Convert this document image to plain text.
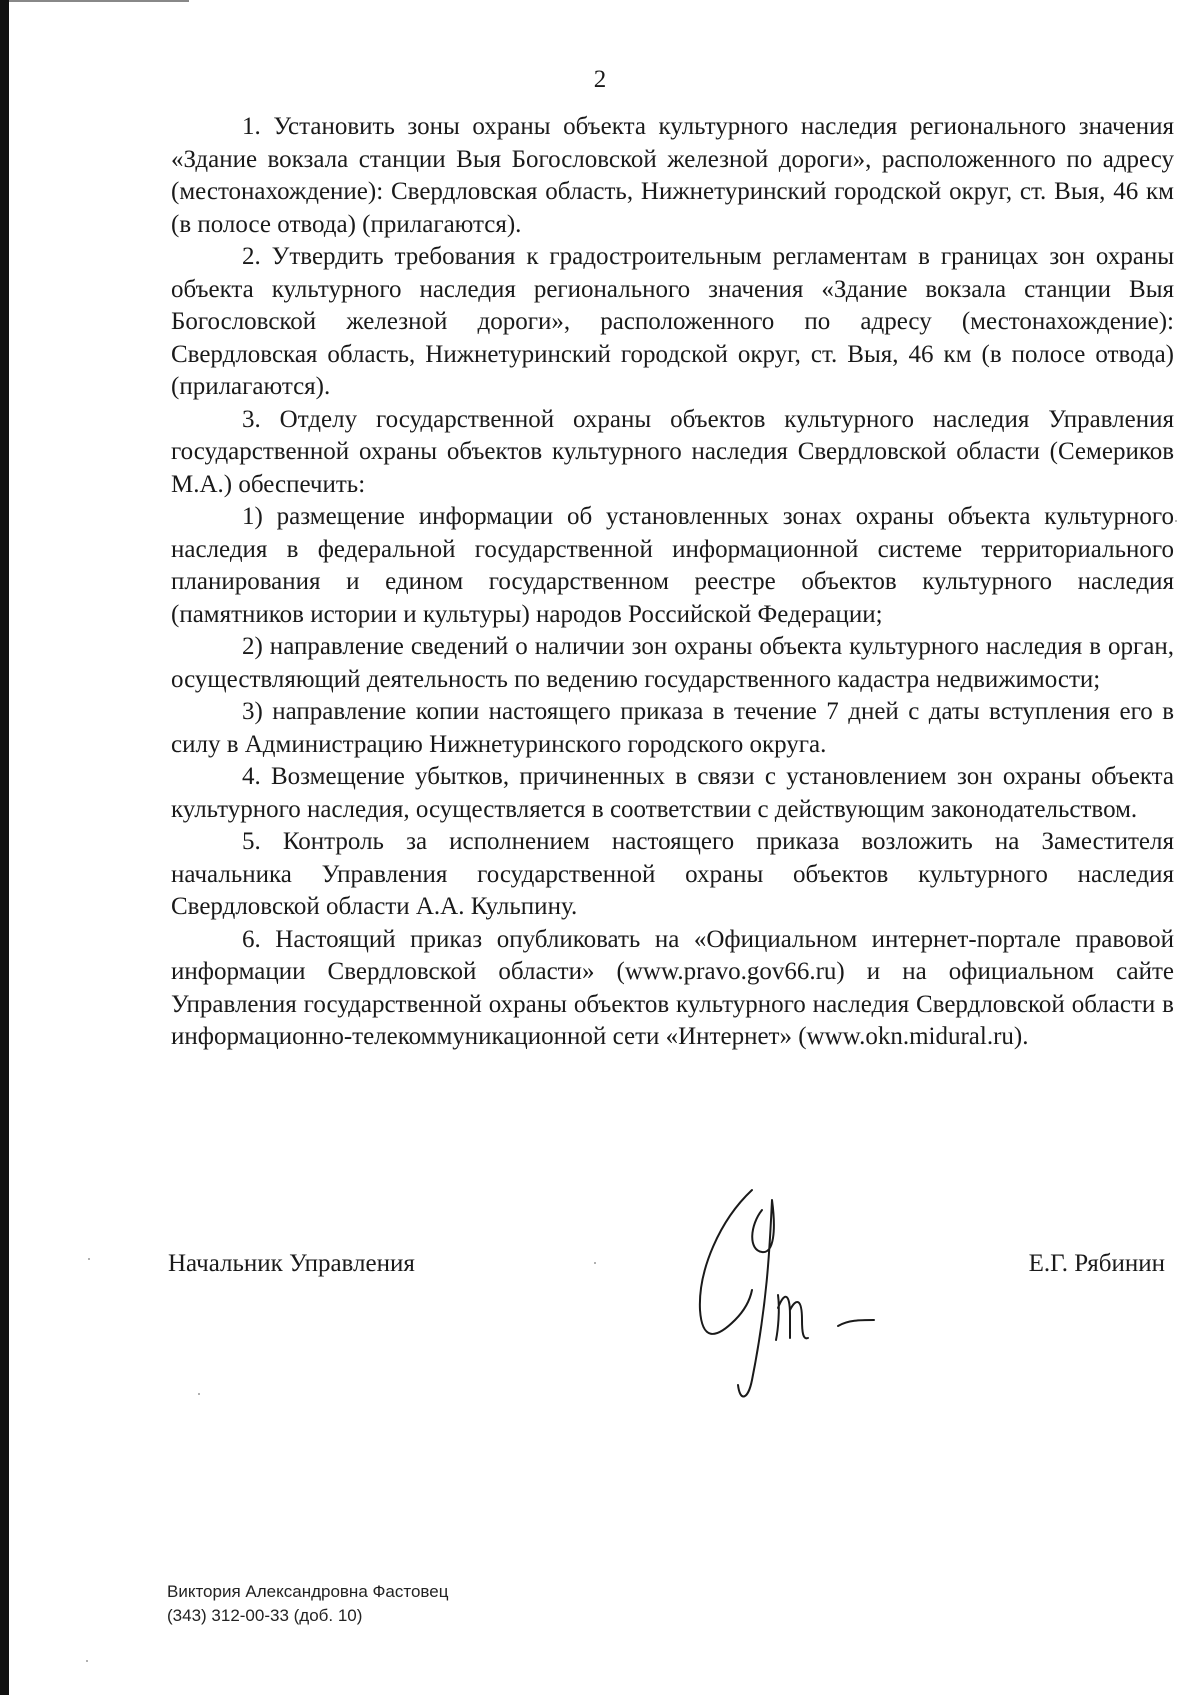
2

1. Установить зоны охраны объекта культурного наследия регионального значения «Здание вокзала станции Выя Богословской железной дороги», расположенного по адресу (местонахождение): Свердловская область, Нижнетуринский городской округ, ст. Выя, 46 км (в полосе отвода) (прилагаются).

2. Утвердить требования к градостроительным регламентам в границах зон охраны объекта культурного наследия регионального значения «Здание вокзала станции Выя Богословской железной дороги», расположенного по адресу (местонахождение): Свердловская область, Нижнетуринский городской округ, ст. Выя, 46 км (в полосе отвода) (прилагаются).

3. Отделу государственной охраны объектов культурного наследия Управления государственной охраны объектов культурного наследия Свердловской области (Семериков М.А.) обеспечить:

1) размещение информации об установленных зонах охраны объекта культурного наследия в федеральной государственной информационной системе территориального планирования и едином государственном реестре объектов культурного наследия (памятников истории и культуры) народов Российской Федерации;

2) направление сведений о наличии зон охраны объекта культурного наследия в орган, осуществляющий деятельность по ведению государственного кадастра недвижимости;

3) направление копии настоящего приказа в течение 7 дней с даты вступления его в силу в Администрацию Нижнетуринского городского округа.

4. Возмещение убытков, причиненных в связи с установлением зон охраны объекта культурного наследия, осуществляется в соответствии с действующим законодательством.

5. Контроль за исполнением настоящего приказа возложить на Заместителя начальника Управления государственной охраны объектов культурного наследия Свердловской области А.А. Кульпину.

6. Настоящий приказ опубликовать на «Официальном интернет-портале правовой информации Свердловской области» (www.pravo.gov66.ru) и на официальном сайте Управления государственной охраны объектов культурного наследия Свердловской области в информационно-телекоммуникационной сети «Интернет» (www.okn.midural.ru).

Начальник Управления	Е.Г. Рябинин
Виктория Александровна Фастовец
(343) 312-00-33 (доб. 10)
